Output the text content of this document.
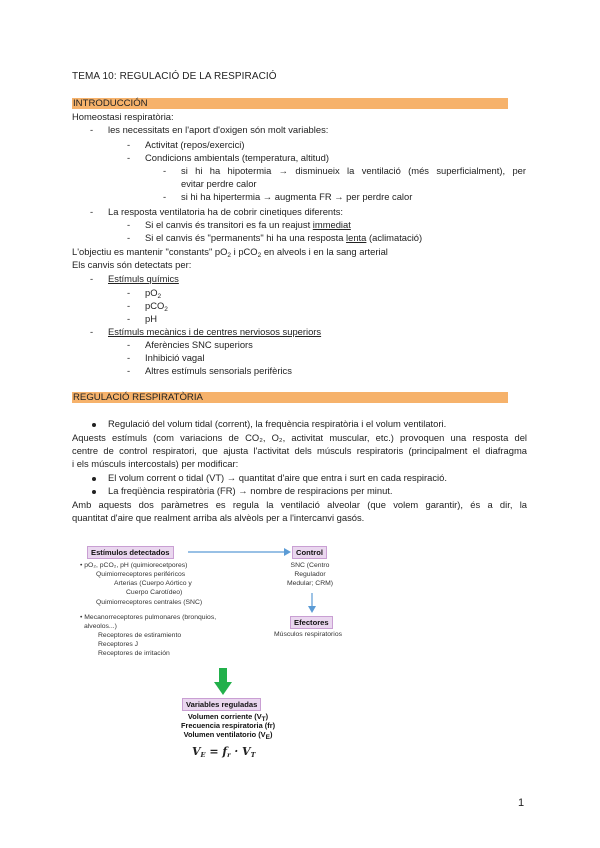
TEMA 10: REGULACIÓ DE LA RESPIRACIÓ
INTRODUCCIÓN
Homeostasi respiratòria:
- les necessitats en l'aport d'oxigen són molt variables:
- Activitat (repos/exercici)
- Condicions ambientals (temperatura, altitud)
- si hi ha hipotermia → disminueix la ventilació (més superficialment), per
evitar perdre calor
- si hi ha hipertermia → augmenta FR → per perdre calor
- La resposta ventilatoria ha de cobrir cinetiques diferents:
- Si el canvis és transitori es fa un reajust immediat
- Si el canvis és "permanents" hi ha una resposta lenta (aclimatació)
L'objectiu es mantenir "constants" $pO_2$ i pCO$_2$ en alveols i en la sang arterial
Els canvis són detectats per:
- Estímuls químics
- $pO_2$
- pCO$_2$
- pH
- Estímuls mecànics i de centres nerviosos superiors
- Aferències SNC superiors
- Inhibició vagal
- Altres estímuls sensorials perifèrics
REGULACIÓ RESPIRATÒRIA
Regulació del volum tidal (corrent), la frequència respiratòria i el volum ventilatori.
Aquests estímuls (com variacions de CO₂, O₂, activitat muscular, etc.) provoquen una resposta del
centre de control respiratori, que ajusta l'activitat dels músculs respiratoris (principalment el diafragma
i els músculs intercostals) per modificar:
El volum corrent o tidal (VT) → quantitat d'aire que entra i surt en cada respiració.
La freqüència respiratòria (FR) → nombre de respiracions per minut.
Amb aquests dos paràmetres es regula la ventilació alveolar (que volem garantir), és a dir, la
quantitat d'aire que realment arriba als alvèols per a l'intercanvi gasós.
Estímulos detectados
• pO₂, pCO₂, pH (quimiorecetpores)
Quimiorreceptores periféricos
Arterias (Cuerpo Aórtico y
Cuerpo Carotídeo)
Quimiorreceptores centrales (SNC)
• Mecanorreceptores pulmonares (bronquios,
alveolos...)
Receptores de estiramiento
Receptores J
Receptores de irritación
Control
SNC (Centro
Regulador
Medular; CRM)
Efectores
Músculos respiratorios
Variables reguladas
Volumen corriente $(V_T)$
Frecuencia respiratoria (fr)
Volumen ventilatorio $(V_E)$
$V_E = f_r \cdot V_T$
1
